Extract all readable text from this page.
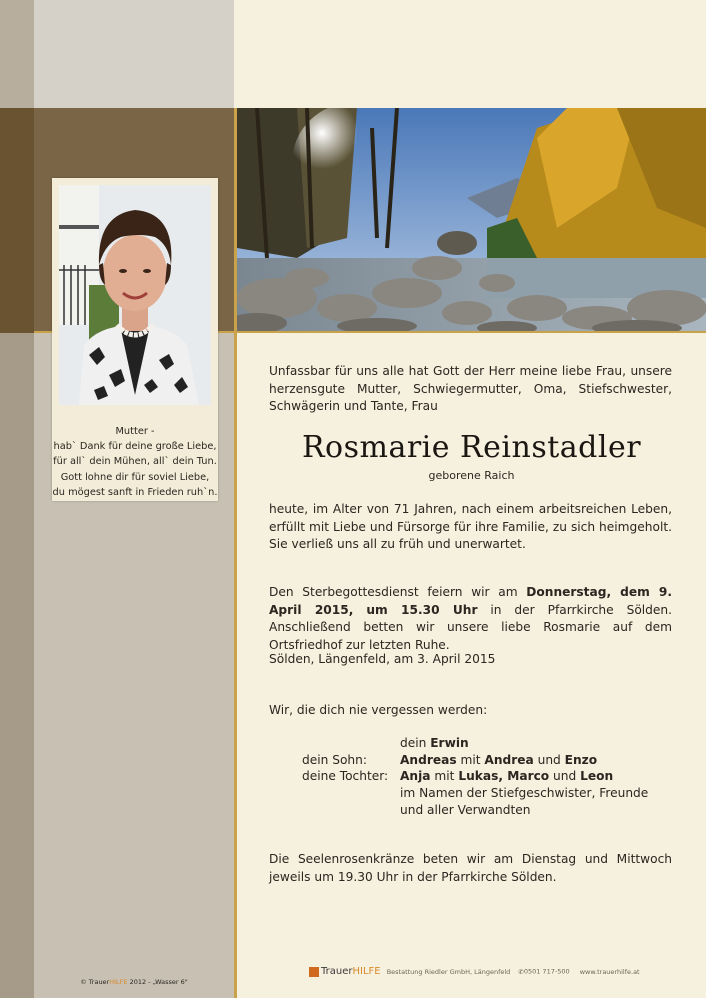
Mutter -
hab` Dank für deine große Liebe,
für all` dein Mühen, all` dein Tun.
Gott lohne dir für soviel Liebe,
du mögest sanft in Frieden ruh`n.
Unfassbar für uns alle hat Gott der Herr meine liebe Frau, unsere herzensgute Mutter, Schwiegermutter, Oma, Stiefschwester, Schwägerin und Tante, Frau
Rosmarie Reinstadler
geborene Raich
heute, im Alter von 71 Jahren, nach einem arbeitsreichen Leben, erfüllt mit Liebe und Fürsorge für ihre Familie, zu sich heimgeholt. Sie verließ uns all zu früh und unerwartet.
Den Sterbegottesdienst feiern wir am Donnerstag, dem 9. April 2015, um 15.30 Uhr in der Pfarrkirche Sölden. Anschließend betten wir unsere liebe Rosmarie auf dem Ortsfriedhof zur letzten Ruhe.
Sölden, Längenfeld, am 3. April 2015
Wir, die dich nie vergessen werden:
dein Erwin
dein Sohn:	Andreas mit Andrea und Enzo
deine Tochter: Anja mit Lukas, Marco und Leon
im Namen der Stiefgeschwister, Freunde
und aller Verwandten
Die Seelenrosenkränze beten wir am Dienstag und Mittwoch jeweils um 19.30 Uhr in der Pfarrkirche Sölden.
© TrauerHILFE 2012 - „Wasser 6"
TrauerHILFE Bestattung Riedler GmbH, Längenfeld ✆0501 717-500 www.trauerhilfe.at
